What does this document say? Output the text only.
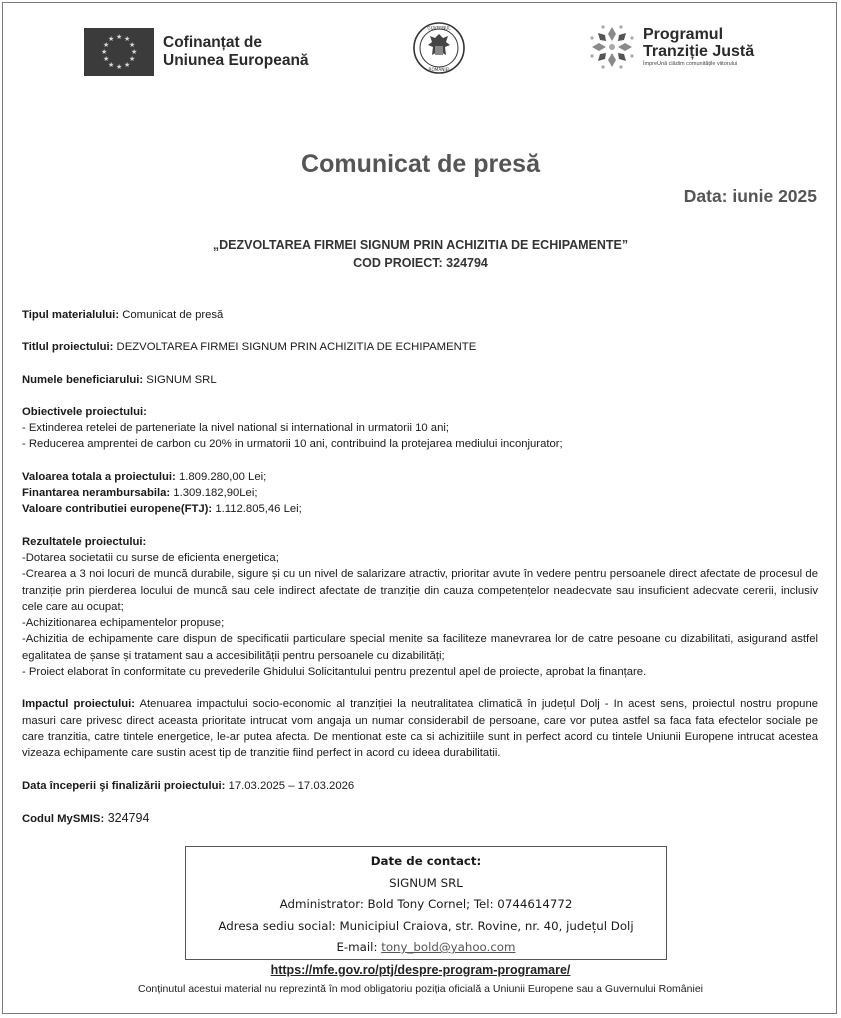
★ ★
★
★
★
★
★
★
★
★
★
★	Cofinanțat de
Uniunea Europeană
GUVERNUL
ROMÂNIEI
Programul
Tranziție Justă
ÎmpreUnă clădim comunitățile viitorului
Comunicat de presă
Data: iunie 2025
„DEZVOLTAREA FIRMEI SIGNUM PRIN ACHIZITIA DE ECHIPAMENTE”
COD PROIECT: 324794

Tipul materialului: Comunicat de presă

Titlul proiectului: DEZVOLTAREA FIRMEI SIGNUM PRIN ACHIZITIA DE ECHIPAMENTE

Numele beneficiarului: SIGNUM SRL

Obiectivele proiectului:

- Extinderea retelei de parteneriate la nivel national si international in urmatorii 10 ani;

- Reducerea amprentei de carbon cu 20% in urmatorii 10 ani, contribuind la protejarea mediului inconjurator;

Valoarea totala a proiectului: 1.809.280,00 Lei;

Finantarea nerambursabila: 1.309.182,90Lei;

Valoare contributiei europene(FTJ): 1.112.805,46 Lei;

Rezultatele proiectului:

-Dotarea societatii cu surse de eficienta energetica;

-Crearea a 3 noi locuri de muncă durabile, sigure și cu un nivel de salarizare atractiv, prioritar avute în vedere pentru persoanele direct afectate de procesul de tranziție prin pierderea locului de muncă sau cele indirect afectate de tranziție din cauza competențelor neadecvate sau insuficient adecvate cererii, inclusiv cele care au ocupat;

-Achizitionarea echipamentelor propuse;

-Achizitia de echipamente care dispun de specificatii particulare special menite sa faciliteze manevrarea lor de catre pesoane cu dizabilitati, asigurand astfel egalitatea de șanse și tratament sau a accesibilității pentru persoanele cu dizabilități;

- Proiect elaborat în conformitate cu prevederile Ghidului Solicitantului pentru prezentul apel de proiecte, aprobat la finanțare.

Impactul proiectului: Atenuarea impactului socio-economic al tranziției la neutralitatea climatică în județul Dolj - In acest sens, proiectul nostru propune masuri care privesc direct aceasta prioritate intrucat vom angaja un numar considerabil de persoane, care vor putea astfel sa faca fata efectelor sociale pe care tranzitia, catre tintele energetice, le-ar putea afecta. De mentionat este ca si achizitiile sunt in perfect acord cu tintele Uniunii Europene intrucat acestea vizeaza echipamente care sustin acest tip de tranzitie fiind perfect in acord cu ideea durabilitatii.

Data începerii şi finalizării proiectului: 17.03.2025 – 17.03.2026

Codul MySMIS: 324794

Date de contact:
SIGNUM SRL
Administrator: Bold Tony Cornel; Tel: 0744614772
Adresa sediu social: Municipiul Craiova, str. Rovine, nr. 40, județul Dolj
E-mail: tony_bold@yahoo.com
https://mfe.gov.ro/ptj/despre-program-programare/
Conținutul acestui material nu reprezintă în mod obligatoriu poziția oficială a Uniunii Europene sau a Guvernului României
